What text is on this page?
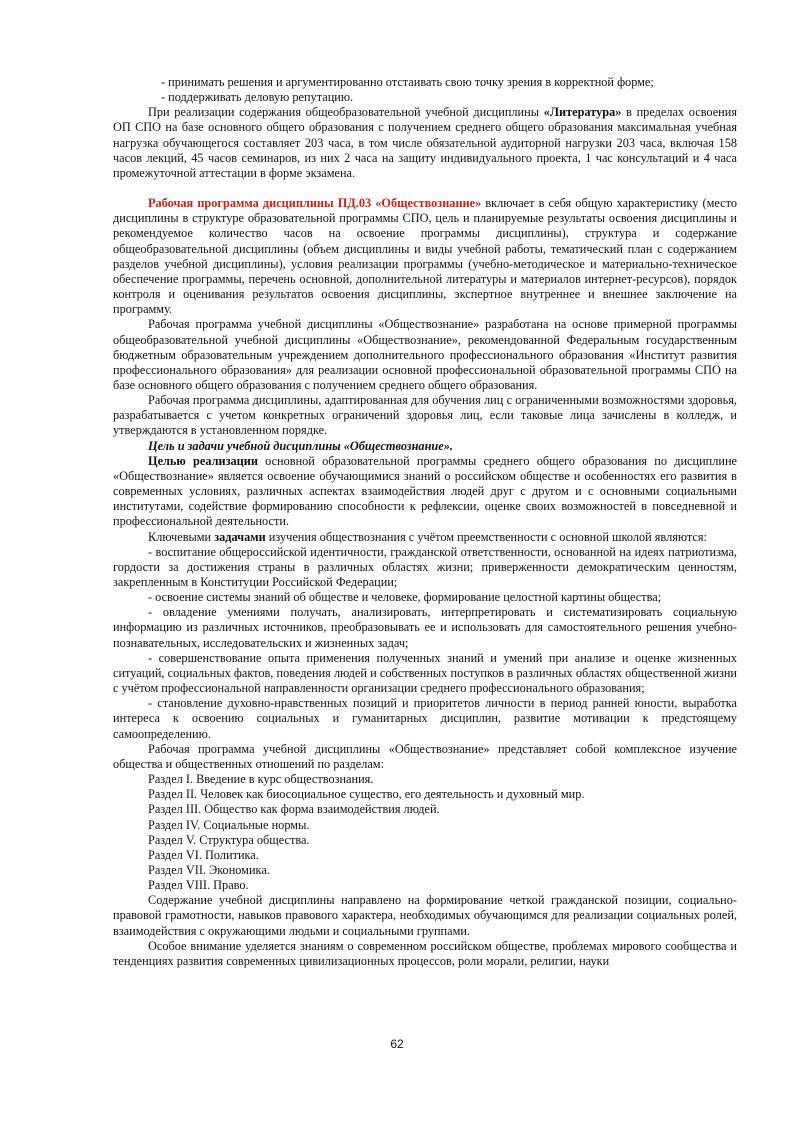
- принимать решения и аргументированно отстаивать свою точку зрения в корректной форме;

- поддерживать деловую репутацию.

При реализации содержания общеобразовательной учебной дисциплины «Литература» в пределах освоения ОП СПО на базе основного общего образования с получением среднего общего образования максимальная учебная нагрузка обучающегося составляет 203 часа, в том числе обязательной аудиторной нагрузки 203 часа, включая 158 часов лекций, 45 часов семинаров, из них 2 часа на защиту индивидуального проекта, 1 час консультаций и 4 часа промежуточной аттестации в форме экзамена.

Рабочая программа дисциплины ПД.03 «Обществознание» включает в себя общую характеристику (место дисциплины в структуре образовательной программы СПО, цель и планируемые результаты освоения дисциплины и рекомендуемое количество часов на освоение программы дисциплины), структура и содержание общеобразовательной дисциплины (объем дисциплины и виды учебной работы, тематический план с содержанием разделов учебной дисциплины), условия реализации программы (учебно-методическое и материально-техническое обеспечение программы, перечень основной, дополнительной литературы и материалов интернет-ресурсов), порядок контроля и оценивания результатов освоения дисциплины, экспертное внутреннее и внешнее заключение на программу.

Рабочая программа учебной дисциплины «Обществознание» разработана на основе примерной программы общеобразовательной учебной дисциплины «Обществознание», рекомендованной Федеральным государственным бюджетным образовательным учреждением дополнительного профессионального образования «Институт развития профессионального образования» для реализации основной профессиональной образовательной программы СПО на базе основного общего образования с получением среднего общего образования.

Рабочая программа дисциплины, адаптированная для обучения лиц с ограниченными возможностями здоровья, разрабатывается с учетом конкретных ограничений здоровья лиц, если таковые лица зачислены в колледж, и утверждаются в установленном порядке.

Цель и задачи учебной дисциплины «Обществознание».

Целью реализации основной образовательной программы среднего общего образования по дисциплине «Обществознание» является освоение обучающимися знаний о российском обществе и особенностях его развития в современных условиях, различных аспектах взаимодействия людей друг с другом и с основными социальными институтами, содействие формированию способности к рефлексии, оценке своих возможностей в повседневной и профессиональной деятельности.

Ключевыми задачами изучения обществознания с учётом преемственности с основной школой являются:

- воспитание общероссийской идентичности, гражданской ответственности, основанной на идеях патриотизма, гордости за достижения страны в различных областях жизни; приверженности демократическим ценностям, закрепленным в Конституции Российской Федерации;

- освоение системы знаний об обществе и человеке, формирование целостной картины общества;

- овладение умениями получать, анализировать, интерпретировать и систематизировать социальную информацию из различных источников, преобразовывать ее и использовать для самостоятельного решения учебно-познавательных, исследовательских и жизненных задач;

- совершенствование опыта применения полученных знаний и умений при анализе и оценке жизненных ситуаций, социальных фактов, поведения людей и собственных поступков в различных областях общественной жизни с учётом профессиональной направленности организации среднего профессионального образования;

- становление духовно-нравственных позиций и приоритетов личности в период ранней юности, выработка интереса к освоению социальных и гуманитарных дисциплин, развитие мотивации к предстоящему самоопределению.

Рабочая программа учебной дисциплины «Обществознание» представляет собой комплексное изучение общества и общественных отношений по разделам:

Раздел I. Введение в курс обществознания.

Раздел II. Человек как биосоциальное существо, его деятельность и духовный мир.

Раздел III. Общество как форма взаимодействия людей.

Раздел IV. Социальные нормы.

Раздел V. Структура общества.

Раздел VI. Политика.

Раздел VII. Экономика.

Раздел VIII. Право.

Содержание учебной дисциплины направлено на формирование четкой гражданской позиции, социально-правовой грамотности, навыков правового характера, необходимых обучающимся для реализации социальных ролей, взаимодействия с окружающими людьми и социальными группами.

Особое внимание уделяется знаниям о современном российском обществе, проблемах мирового сообщества и тенденциях развития современных цивилизационных процессов, роли морали, религии, науки

62
